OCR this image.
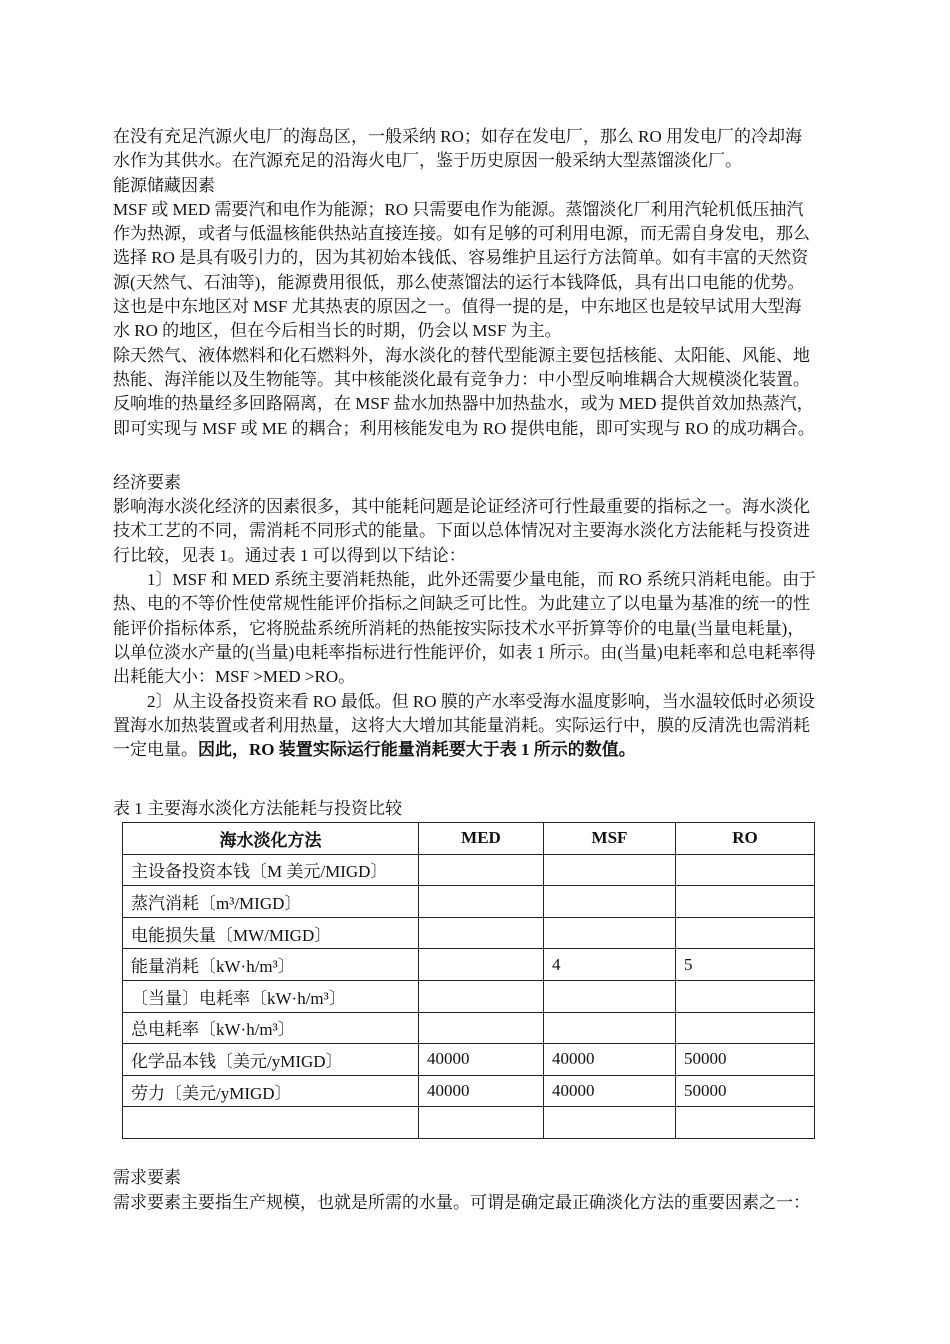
在没有充足汽源火电厂的海岛区，一般采纳 RO；如存在发电厂，那么 RO 用发电厂的冷却海
水作为其供水。在汽源充足的沿海火电厂，鉴于历史原因一般采纳大型蒸馏淡化厂。
能源储藏因素
MSF 或 MED 需要汽和电作为能源；RO 只需要电作为能源。蒸馏淡化厂利用汽轮机低压抽汽
作为热源，或者与低温核能供热站直接连接。如有足够的可利用电源，而无需自身发电，那么
选择 RO 是具有吸引力的，因为其初始本钱低、容易维护且运行方法简单。如有丰富的天然资
源(天然气、石油等)，能源费用很低，那么使蒸馏法的运行本钱降低，具有出口电能的优势。
这也是中东地区对 MSF 尤其热衷的原因之一。值得一提的是，中东地区也是较早试用大型海
水 RO 的地区，但在今后相当长的时期，仍会以 MSF 为主。
除天然气、液体燃料和化石燃料外，海水淡化的替代型能源主要包括核能、太阳能、风能、地
热能、海洋能以及生物能等。其中核能淡化最有竞争力：中小型反响堆耦合大规模淡化装置。
反响堆的热量经多回路隔离，在 MSF 盐水加热器中加热盐水，或为 MED 提供首效加热蒸汽，
即可实现与 MSF 或 ME 的耦合；利用核能发电为 RO 提供电能，即可实现与 RO 的成功耦合。
经济要素
影响海水淡化经济的因素很多，其中能耗问题是论证经济可行性最重要的指标之一。海水淡化
技术工艺的不同，需消耗不同形式的能量。下面以总体情况对主要海水淡化方法能耗与投资进
行比较，见表 1。通过表 1 可以得到以下结论：
1〕MSF 和 MED 系统主要消耗热能，此外还需要少量电能，而 RO 系统只消耗电能。由于
热、电的不等价性使常规性能评价指标之间缺乏可比性。为此建立了以电量为基准的统一的性
能评价指标体系，它将脱盐系统所消耗的热能按实际技术水平折算等价的电量(当量电耗量)，
以单位淡水产量的(当量)电耗率指标进行性能评价，如表 1 所示。由(当量)电耗率和总电耗率得
出耗能大小：MSF >MED >RO。
2〕从主设备投资来看 RO 最低。但 RO 膜的产水率受海水温度影响，当水温较低时必须设
置海水加热装置或者利用热量，这将大大增加其能量消耗。实际运行中，膜的反清洗也需消耗
一定电量。因此，RO 装置实际运行能量消耗要大于表 1 所示的数值。
表 1 主要海水淡化方法能耗与投资比较
海水淡化方法	MED	MSF	RO
主设备投资本钱〔M 美元/MIGD〕			
蒸汽消耗〔m³/MIGD〕			
电能损失量〔MW/MIGD〕			
能量消耗〔kW·h/m³〕		4	5
〔当量〕电耗率〔kW·h/m³〕			
总电耗率〔kW·h/m³〕			
化学品本钱〔美元/yMIGD〕	40000	40000	50000
劳力〔美元/yMIGD〕	40000	40000	50000

需求要素
需求要素主要指生产规模，也就是所需的水量。可谓是确定最正确淡化方法的重要因素之一：
